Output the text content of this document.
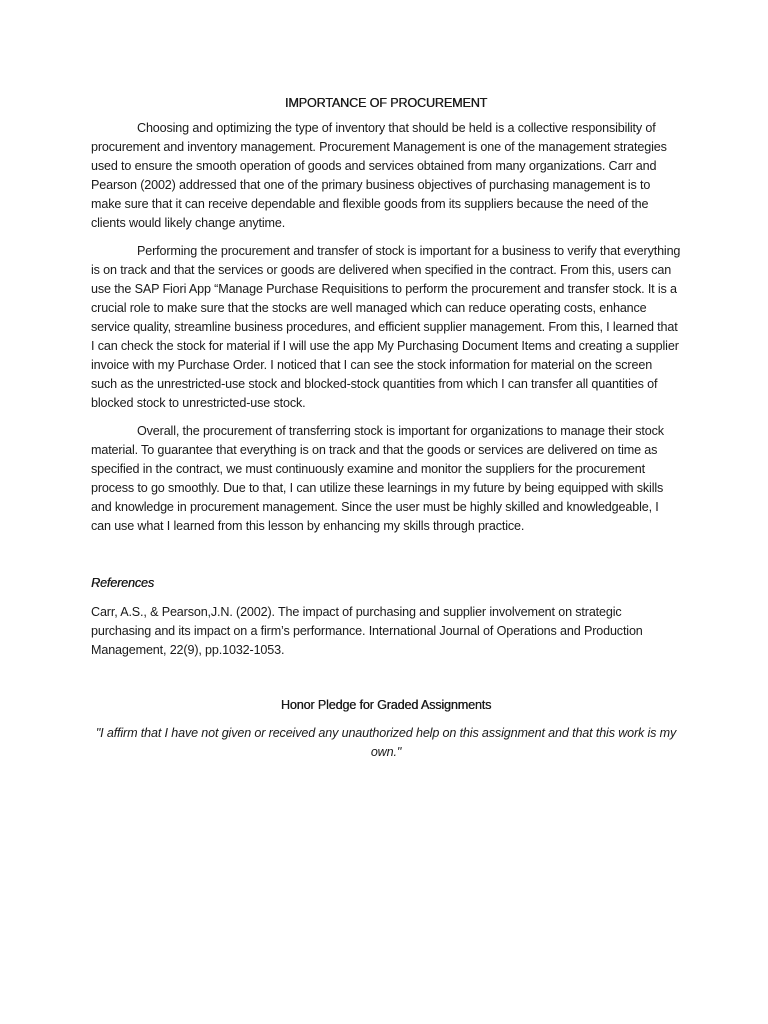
IMPORTANCE OF PROCUREMENT

Choosing and optimizing the type of inventory that should be held is a collective responsibility of procurement and inventory management. Procurement Management is one of the management strategies used to ensure the smooth operation of goods and services obtained from many organizations. Carr and Pearson (2002) addressed that one of the primary business objectives of purchasing management is to make sure that it can receive dependable and flexible goods from its suppliers because the need of the clients would likely change anytime.

Performing the procurement and transfer of stock is important for a business to verify that everything is on track and that the services or goods are delivered when specified in the contract. From this, users can use the SAP Fiori App “Manage Purchase Requisitions to perform the procurement and transfer stock. It is a crucial role to make sure that the stocks are well managed which can reduce operating costs, enhance service quality, streamline business procedures, and efficient supplier management. From this, I learned that I can check the stock for material if I will use the app My Purchasing Document Items and creating a supplier invoice with my Purchase Order. I noticed that I can see the stock information for material on the screen such as the unrestricted-use stock and blocked-stock quantities from which I can transfer all quantities of blocked stock to unrestricted-use stock.

Overall, the procurement of transferring stock is important for organizations to manage their stock material. To guarantee that everything is on track and that the goods or services are delivered on time as specified in the contract, we must continuously examine and monitor the suppliers for the procurement process to go smoothly. Due to that, I can utilize these learnings in my future by being equipped with skills and knowledge in procurement management. Since the user must be highly skilled and knowledgeable, I can use what I learned from this lesson by enhancing my skills through practice.

References

Carr, A.S., & Pearson,J.N. (2002). The impact of purchasing and supplier involvement on strategic purchasing and its impact on a firm’s performance. International Journal of Operations and Production Management, 22(9), pp.1032-1053.

Honor Pledge for Graded Assignments

"I affirm that I have not given or received any unauthorized help on this assignment and that this work is my own."
